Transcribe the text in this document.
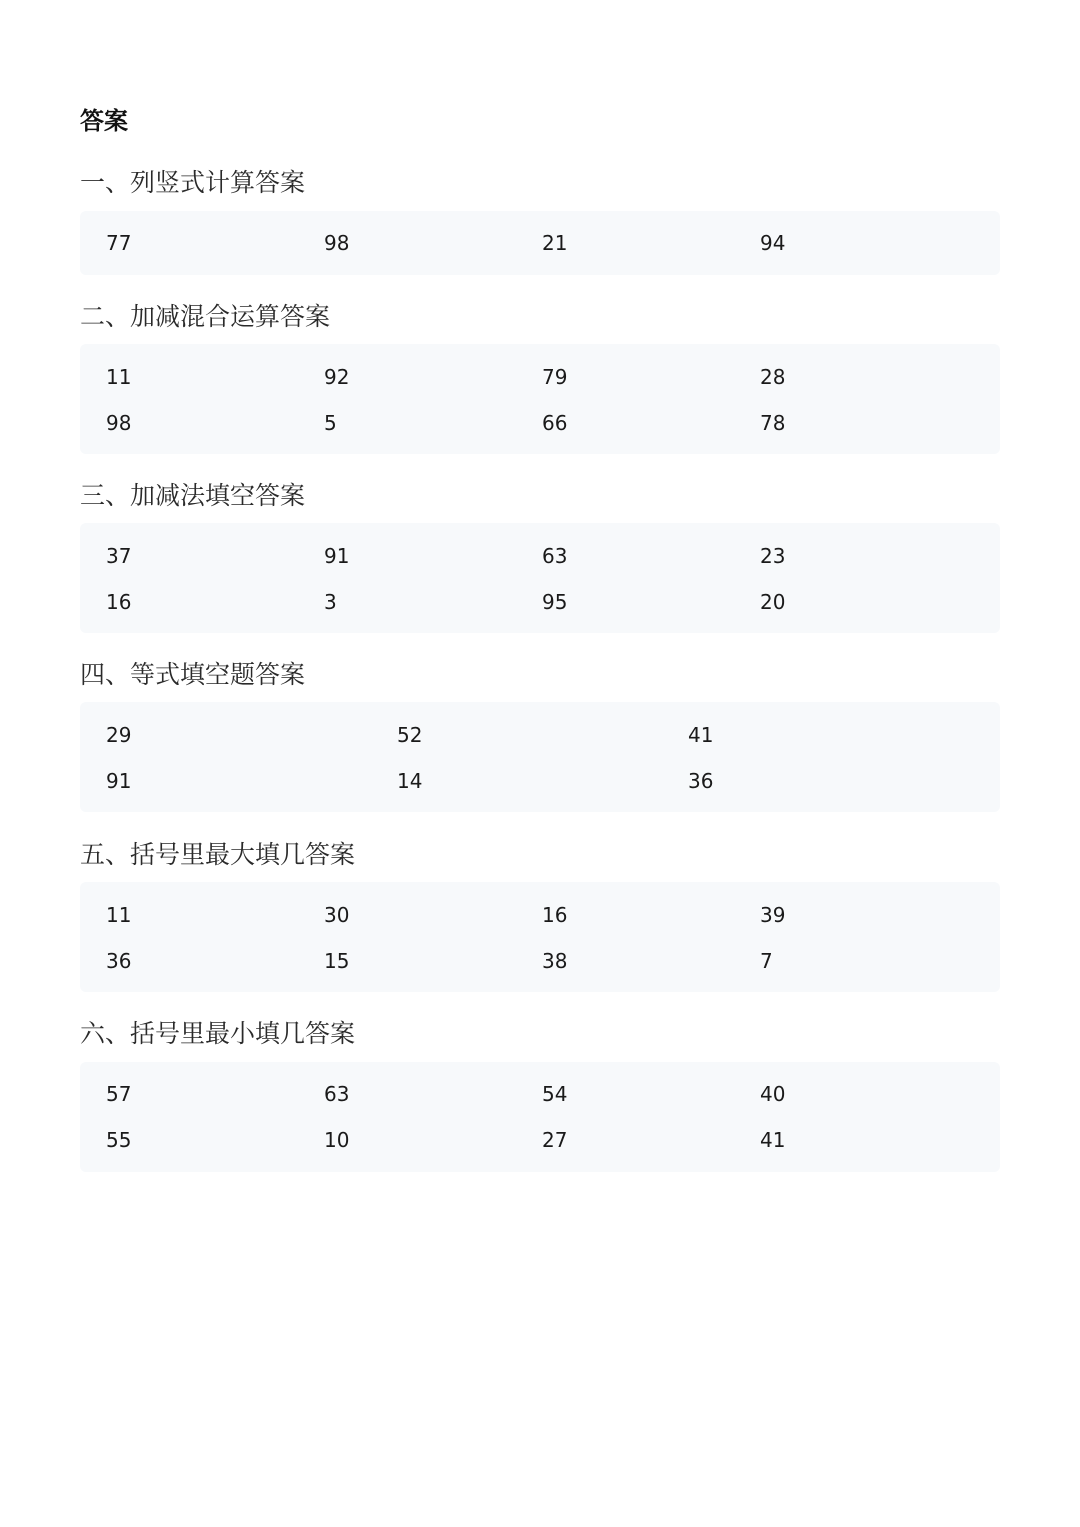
答案
一、列竖式计算答案
77	98	21	94
二、加减混合运算答案
11	92	79	28
98	5	66	78
三、加减法填空答案
37	91	63	23
16	3	95	20
四、等式填空题答案
29	52	41
91	14	36
五、括号里最大填几答案
11	30	16	39
36	15	38	7
六、括号里最小填几答案
57	63	54	40
55	10	27	41
